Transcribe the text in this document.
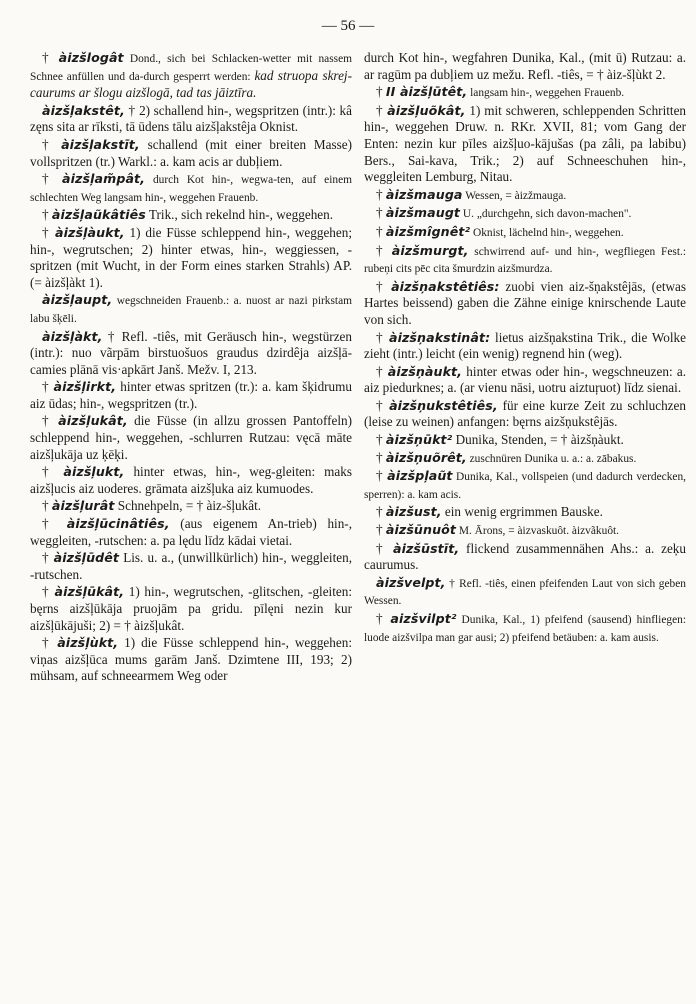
— 56 —
† àizšlogât Dond., sich bei Schlacken-wetter mit nassem Schnee anfüllen und da-durch gesperrt werden: kad struopa skrej-caurums ar šlogu aizšlogā, tad tas jāiztīra.
àizšļakstêt, † 2) schallend hin-, wegspritzen (intr.): kâ zęns sita ar rīksti, tā ūdens tālu aizšļakstêja Oknist.
† àizšļakstīt, schallend (mit einer breiten Masse) vollspritzen (tr.) Warkl.: a. kam acis ar dubļiem.
† àizšļam̃pât, durch Kot hin-, wegwa-ten, auf einem schlechten Weg langsam hin-, weggehen Frauenb.
† àizšļaũkâtiês Trik., sich rekelnd hin-, weggehen.
† àizšļàukt, 1) die Füsse schleppend hin-, weggehen; hin-, wegrutschen; 2) hinter etwas, hin-, weggiessen, -spritzen (mit Wucht, in der Form eines starken Strahls) AP. (= àizšļàkt 1).
àizšļaupt, wegschneiden Frauenb.: a. nuost ar nazi pirkstam labu šķēli.
àizšļàkt, † Refl. -tiês, mit Geräusch hin-, wegstürzen (intr.): nuo vãrpām birstuošuos graudus dzirdêja aizšļā-camies plānā vis·apkārt Janš. Mežv. I, 213.
† àizšļirkt, hinter etwas spritzen (tr.): a. kam šķidrumu aiz ūdas; hin-, wegspritzen (tr.).
† àizšļukât, die Füsse (in allzu grossen Pantoffeln) schleppend hin-, weggehen, -schlurren Rutzau: vęcā māte aizšļukāja uz ķēķi.
† àizšļukt, hinter etwas, hin-, weg-gleiten: maks aizšļucis aiz uoderes. grāmata aizšļuka aiz kumuodes.
† àizšļurât Schnehpeln, = † àiz-šļukât.
† àizšļūcinâtiês, (aus eigenem An-trieb) hin-, weggleiten, -rutschen: a. pa lędu līdz kādai vietai.
† àizšļūdêt Lis. u. a., (unwillkürlich) hin-, weggleiten, -rutschen.
† àizšļūkât, 1) hin-, wegrutschen, -glitschen, -gleiten: bęrns aizšļūkāja pruojām pa gridu. pīlęni nezin kur aizšļūkājuši; 2) = † àizšļukât.
† àizšļùkt, 1) die Füsse schleppend hin-, weggehen: viņas aizšļūca mums garām Janš. Dzimtene III, 193; 2) mühsam, auf schneearmem Weg oder
durch Kot hin-, wegfahren Dunika, Kal., (mit ū) Rutzau: a. ar ragūm pa dubļiem uz mežu. Refl. -tiês, = † àiz-šļùkt 2.
† II àizšļūtêt, langsam hin-, weggehen Frauenb.
† àizšļuõkât, 1) mit schweren, schleppenden Schritten hin-, weggehen Druw. n. RKr. XVII, 81; vom Gang der Enten: nezin kur pīles aizšļuo-kājušas (pa zâli, pa labibu) Bers., Sai-kava, Trik.; 2) auf Schneeschuhen hin-, weggleiten Lemburg, Nitau.
† àizšmauga Wessen, = àizžmauga.
† àizšmaugt U. „durchgehn, sich davon-machen".
† àizšmîgnêt² Oknist, lächelnd hin-, weggehen.
† àizšmurgt, schwirrend auf- und hin-, wegfliegen Fest.: rubeņi cits pēc cita šmurdzin aizšmurdza.
† àizšņakstêtiês: zuobi vien aiz-šņakstêjās, (etwas Hartes beissend) gaben die Zähne einige knirschende Laute von sich.
† àizšņakstinât: lietus aizšņakstina Trik., die Wolke zieht (intr.) leicht (ein wenig) regnend hin (weg).
† àizšņàukt, hinter etwas oder hin-, wegschneuzen: a. aiz piedurknes; a. (ar vienu nāsi, uotru aiztuŗuot) līdz sienai.
† àizšņukstêtiês, für eine kurze Zeit zu schluchzen (leise zu weinen) anfangen: bęrns aizšņukstêjās.
† àizšņūkt² Dunika, Stenden, = † àizšņàukt.
† àizšņuõrêt, zuschnüren Dunika u. a.: a. zābakus.
† àizšpļaũt Dunika, Kal., vollspeien (und dadurch verdecken, sperren): a. kam acis.
† àizšust, ein wenig ergrimmen Bauske.
† àizšūnuôt M. Ārons, = àizvaskuôt. àizvãkuôt.
† àizšūstīt, flickend zusammennähen Ahs.: a. zeķu caurumus.
àizšvelpt, † Refl. -tiês, einen pfeifenden Laut von sich geben Wessen.
† aizšvilpt² Dunika, Kal., 1) pfeifend (sausend) hinfliegen: luode aizšvilpa man gar ausi; 2) pfeifend betäuben: a. kam ausis.
